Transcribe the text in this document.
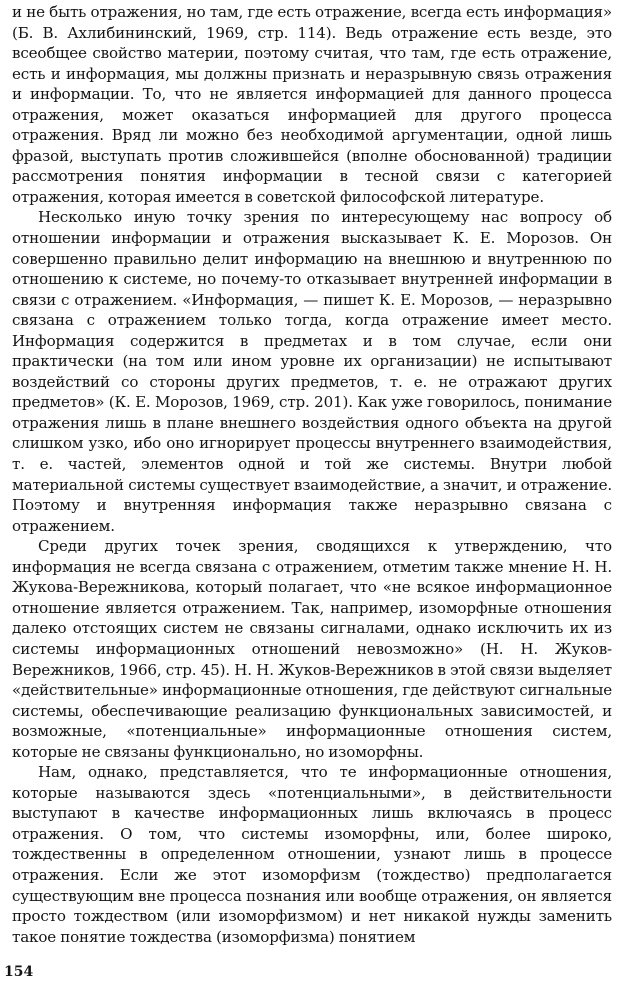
и не быть отражения, но там, где есть отражение, всегда есть информация» (Б. В. Ахлибининский, 1969, стр. 114). Ведь отражение есть везде, это всеобщее свойство материи, поэтому считая, что там, где есть отражение, есть и информация, мы должны признать и неразрывную связь отражения и информации. То, что не является информацией для данного процесса отражения, может оказаться информацией для другого процесса отражения. Вряд ли можно без необходимой аргументации, одной лишь фразой, выступать против сложившейся (вполне обоснованной) традиции рассмотрения понятия информации в тесной связи с категорией отражения, которая имеется в советской философской литературе.

Несколько иную точку зрения по интересующему нас вопросу об отношении информации и отражения высказывает К. Е. Морозов. Он совершенно правильно делит информацию на внешнюю и внутреннюю по отношению к системе, но почему-то отказывает внутренней информации в связи с отражением. «Информация, — пишет К. Е. Морозов, — неразрывно связана с отражением только тогда, когда отражение имеет место. Информация содержится в предметах и в том случае, если они практически (на том или ином уровне их организации) не испытывают воздействий со стороны других предметов, т. е. не отражают других предметов» (К. Е. Морозов, 1969, стр. 201). Как уже говорилось, понимание отражения лишь в плане внешнего воздействия одного объекта на другой слишком узко, ибо оно игнорирует процессы внутреннего взаимодействия, т. е. частей, элементов одной и той же системы. Внутри любой материальной системы существует взаимодействие, а значит, и отражение. Поэтому и внутренняя информация также неразрывно связана с отражением.

Среди других точек зрения, сводящихся к утверждению, что информация не всегда связана с отражением, отметим также мнение Н. Н. Жукова-Вережникова, который полагает, что «не всякое информационное отношение является отражением. Так, например, изоморфные отношения далеко отстоящих систем не связаны сигналами, однако исключить их из системы информационных отношений невозможно» (Н. Н. Жуков-Вережников, 1966, стр. 45). Н. Н. Жуков-Вережников в этой связи выделяет «действительные» информационные отношения, где действуют сигнальные системы, обеспечивающие реализацию функциональных зависимостей, и возможные, «потенциальные» информационные отношения систем, которые не связаны функционально, но изоморфны.

Нам, однако, представляется, что те информационные отношения, которые называются здесь «потенциальными», в действительности выступают в качестве информационных лишь включаясь в процесс отражения. О том, что системы изоморфны, или, более широко, тождественны в определенном отношении, узнают лишь в процессе отражения. Если же этот изоморфизм (тождество) предполагается существующим вне процесса познания или вообще отражения, он является просто тождеством (или изоморфизмом) и нет никакой нужды заменить такое понятие тождества (изоморфизма) понятием

154
